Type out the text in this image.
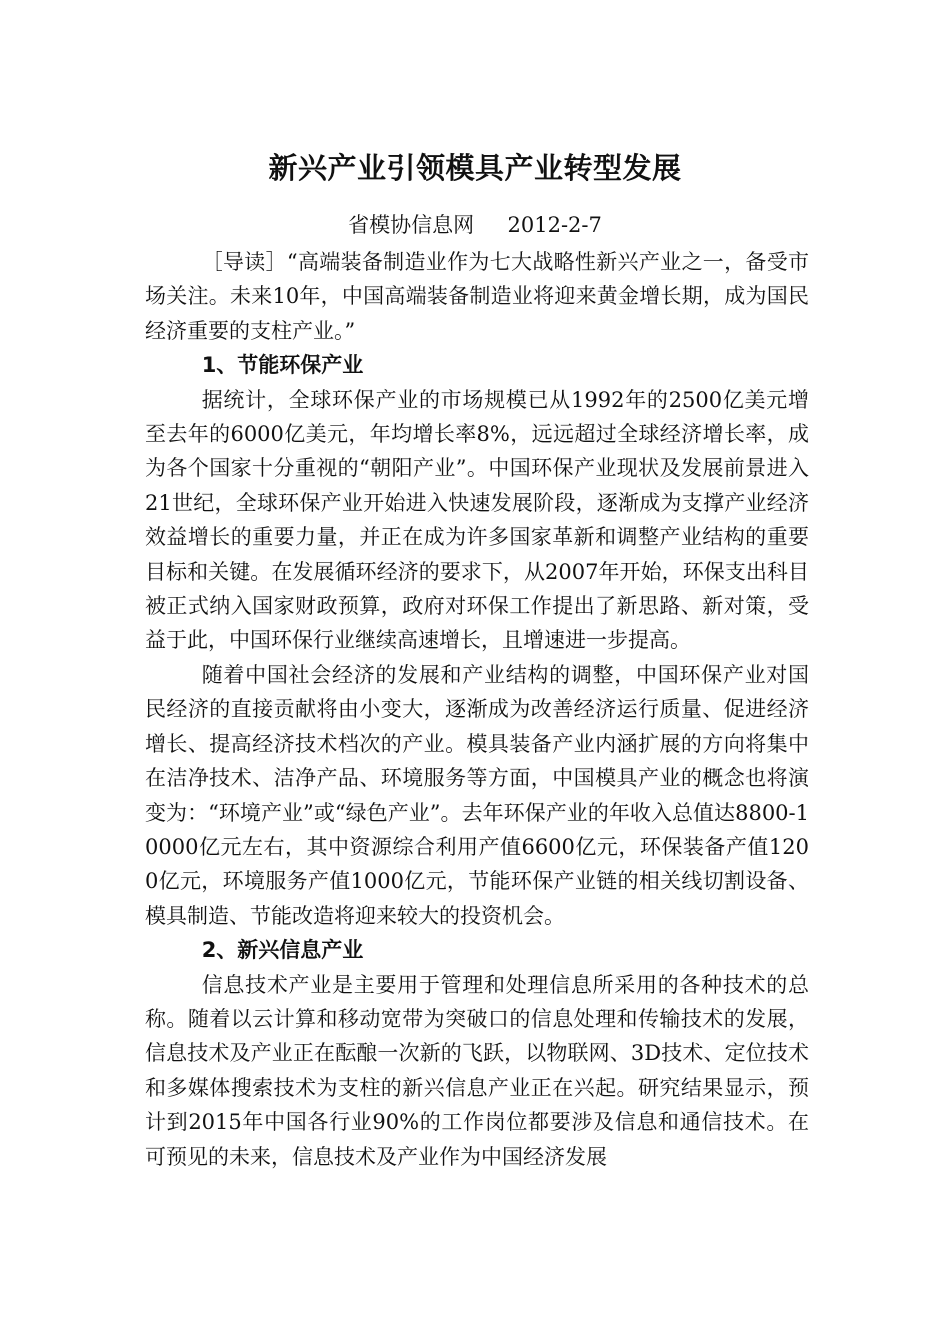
新兴产业引领模具产业转型发展
省模协信息网 2012-2-7

［导读］“高端装备制造业作为七大战略性新兴产业之一，备受市场关注。未来10年，中国高端装备制造业将迎来黄金增长期，成为国民经济重要的支柱产业。”

1、节能环保产业

据统计，全球环保产业的市场规模已从1992年的2500亿美元增至去年的6000亿美元，年均增长率8%，远远超过全球经济增长率，成为各个国家十分重视的“朝阳产业”。中国环保产业现状及发展前景进入21世纪，全球环保产业开始进入快速发展阶段，逐渐成为支撑产业经济效益增长的重要力量，并正在成为许多国家革新和调整产业结构的重要目标和关键。在发展循环经济的要求下，从2007年开始，环保支出科目被正式纳入国家财政预算，政府对环保工作提出了新思路、新对策，受益于此，中国环保行业继续高速增长，且增速进一步提高。

随着中国社会经济的发展和产业结构的调整，中国环保产业对国民经济的直接贡献将由小变大，逐渐成为改善经济运行质量、促进经济增长、提高经济技术档次的产业。模具装备产业内涵扩展的方向将集中在洁净技术、洁净产品、环境服务等方面，中国模具产业的概念也将演变为：“环境产业”或“绿色产业”。去年环保产业的年收入总值达8800-10000亿元左右，其中资源综合利用产值6600亿元，环保装备产值1200亿元，环境服务产值1000亿元，节能环保产业链的相关线切割设备、模具制造、节能改造将迎来较大的投资机会。

2、新兴信息产业

信息技术产业是主要用于管理和处理信息所采用的各种技术的总称。随着以云计算和移动宽带为突破口的信息处理和传输技术的发展，信息技术及产业正在酝酿一次新的飞跃，以物联网、3D技术、定位技术和多媒体搜索技术为支柱的新兴信息产业正在兴起。研究结果显示，预计到2015年中国各行业90%的工作岗位都要涉及信息和通信技术。在可预见的未来，信息技术及产业作为中国经济发展
